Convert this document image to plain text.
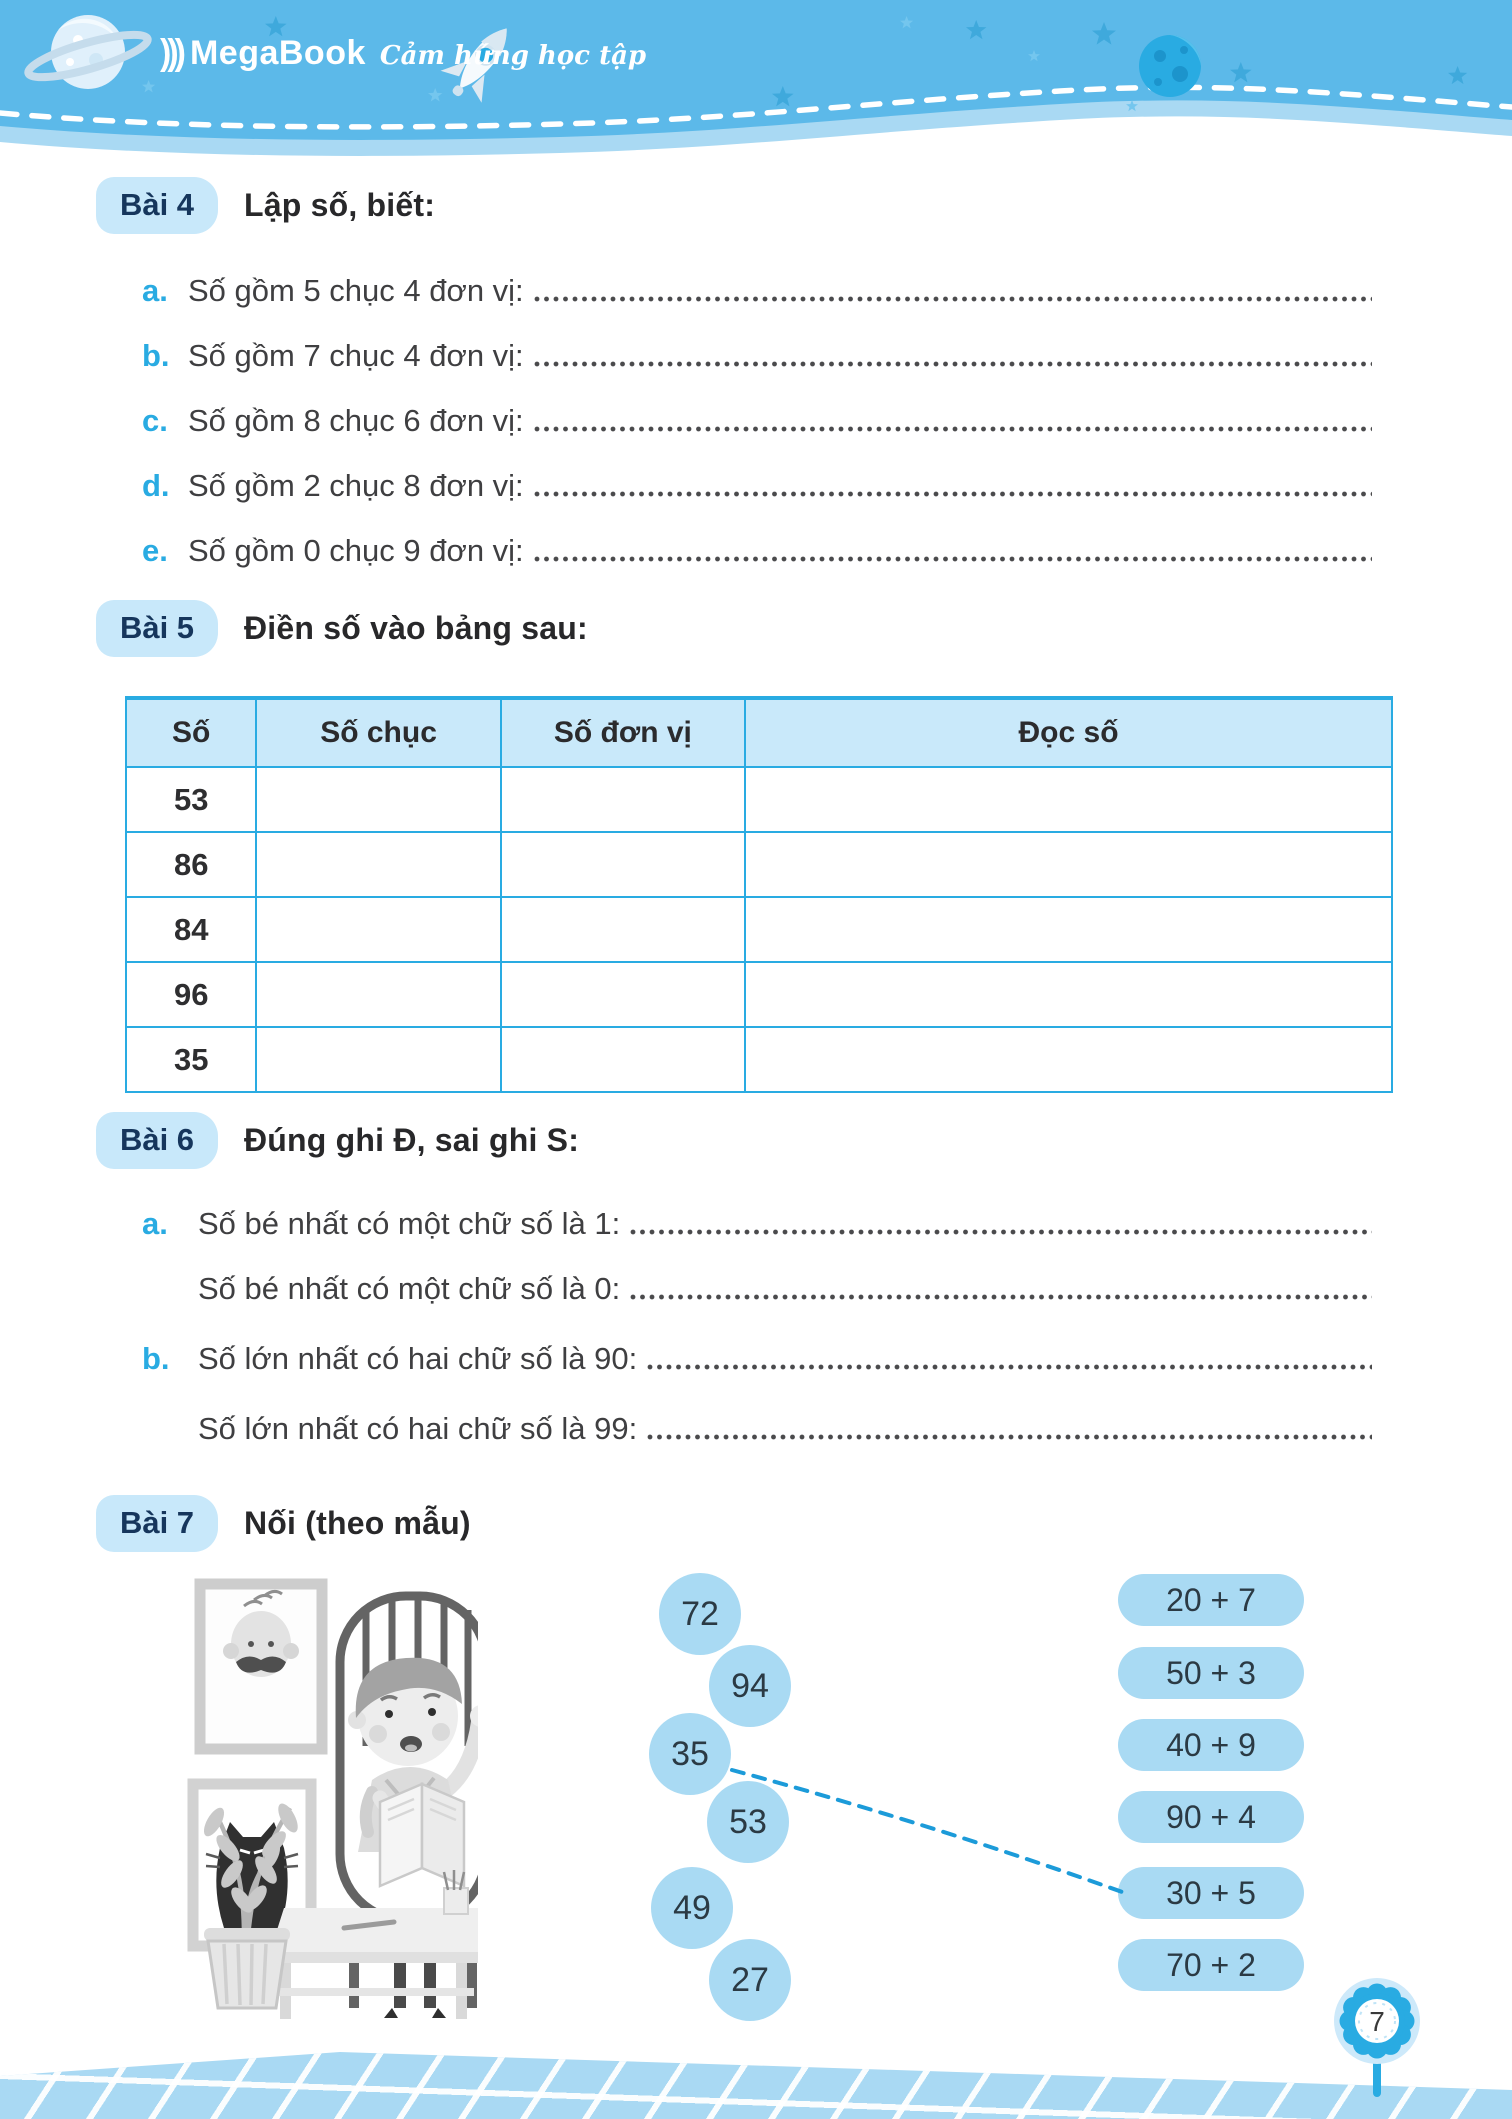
))) MegaBook Cảm hứng học tập
Bài 4	Lập số, biết:
a. Số gồm 5 chục 4 đơn vị:
b. Số gồm 7 chục 4 đơn vị:
c. Số gồm 8 chục 6 đơn vị:
d. Số gồm 2 chục 8 đơn vị:
e. Số gồm 0 chục 9 đơn vị:
Bài 5	Điền số vào bảng sau:
Số	Số chục	Số đơn vị	Đọc số
53			
86			
84			
96			
35			
Bài 6	Đúng ghi Đ, sai ghi S:
a. Số bé nhất có một chữ số là 1:
Số bé nhất có một chữ số là 0:
b. Số lớn nhất có hai chữ số là 90:
Số lớn nhất có hai chữ số là 99:
Bài 7	Nối (theo mẫu)
72
94
35
53
49
27
20 + 7
50 + 3
40 + 9
90 + 4
30 + 5
70 + 2
7
